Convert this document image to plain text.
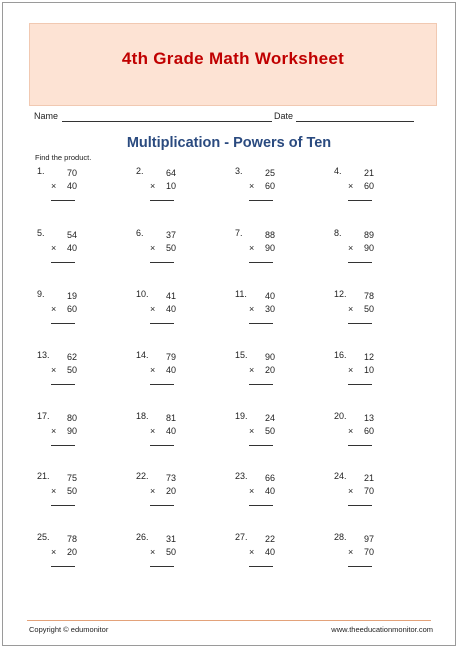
4th Grade Math Worksheet
Name	Date
Multiplication - Powers of Ten
Find the product.
1. 70
× 40
2. 64
× 10
3. 25
× 60
4. 21
× 60
5. 54
× 40
6. 37
× 50
7. 88
× 90
8. 89
× 90
9. 19
× 60
10. 41
× 40
11. 40
× 30
12. 78
× 50
13. 62
× 50
14. 79
× 40
15. 90
× 20
16. 12
× 10
17. 80
× 90
18. 81
× 40
19. 24
× 50
20. 13
× 60
21. 75
× 50
22. 73
× 20
23. 66
× 40
24. 21
× 70
25. 78
× 20
26. 31
× 50
27. 22
× 40
28. 97
× 70
Copyright © edumonitor	www.theeducationmonitor.com
